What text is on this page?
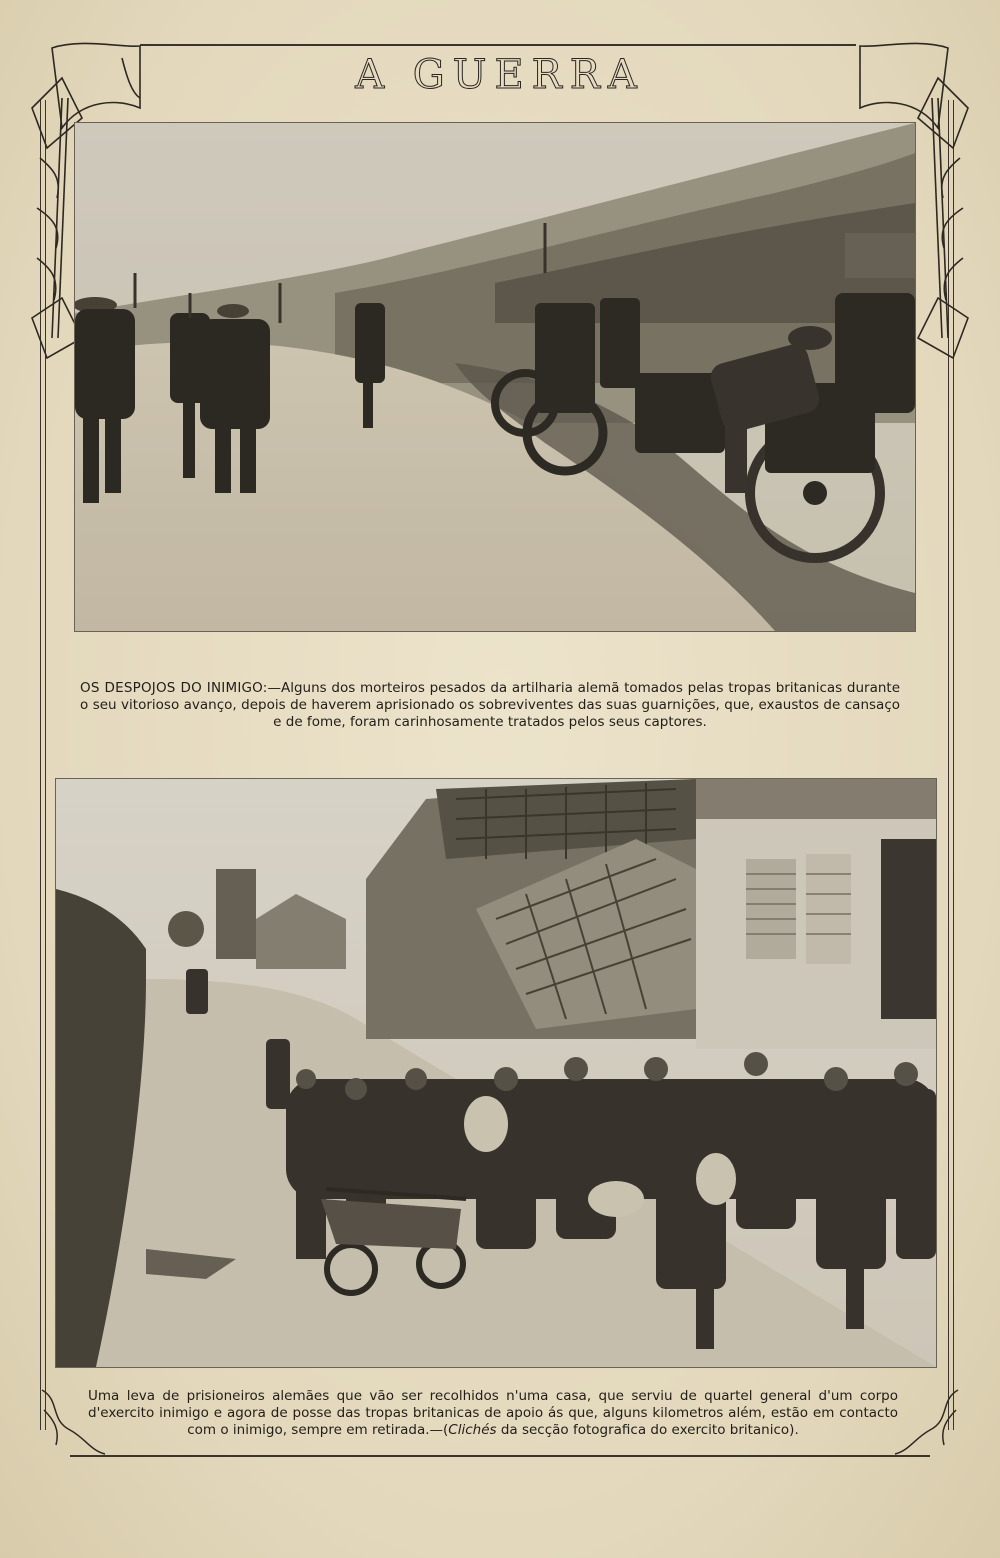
A GUERRA
OS DESPOJOS DO INIMIGO:—Alguns dos morteiros pesados da artilharia alemã tomados pelas tropas britanicas durante o seu vitorioso avanço, depois de haverem aprisionado os sobreviventes das suas guarnições, que, exaustos de cansaço e de fome, foram carinhosamente tratados pelos seus captores.
Uma leva de prisioneiros alemães que vão ser recolhidos n'uma casa, que serviu de quartel general d'um corpo d'exercito inimigo e agora de posse das tropas britanicas de apoio ás que, alguns kilometros além, estão em contacto com o inimigo, sempre em retirada.—(Clichés da secção fotografica do exercito britanico).
